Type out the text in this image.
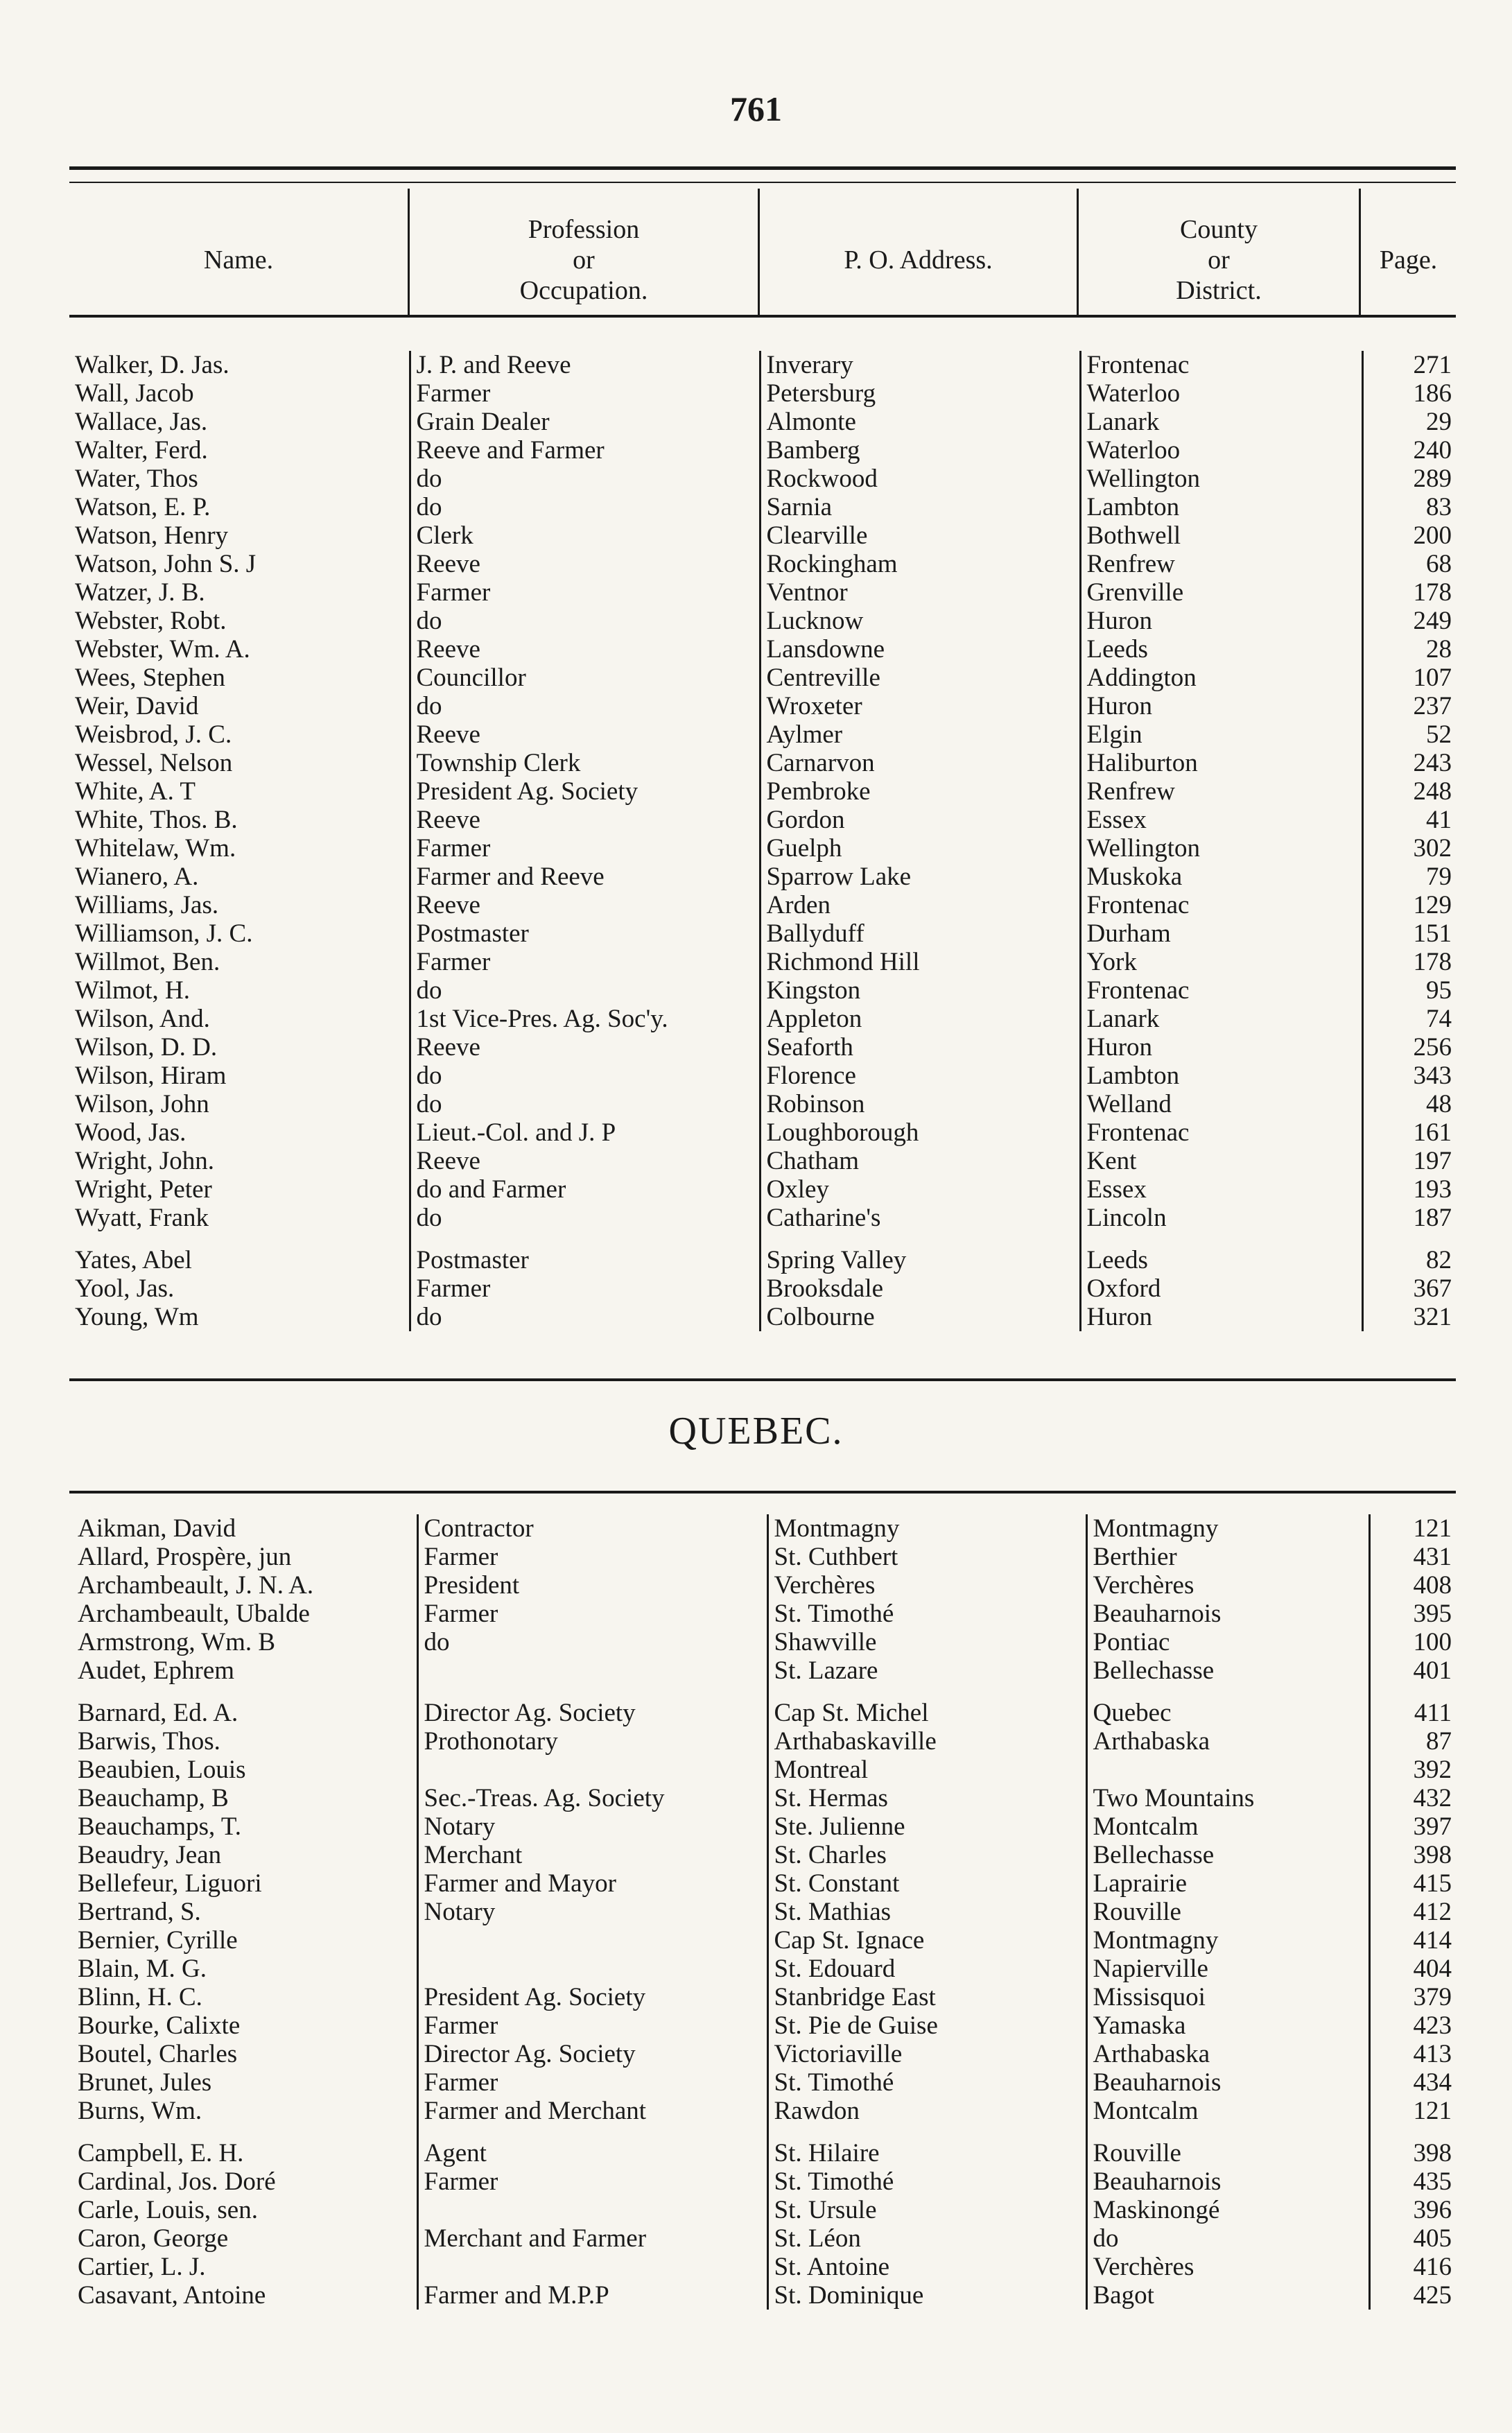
761
Name.
Profession
or
Occupation.
P. O. Address.
County
or
District.
Page.
Walker, D. Jas.	J. P. and Reeve	Inverary	Frontenac	271
Wall, Jacob	Farmer	Petersburg	Waterloo	186
Wallace, Jas.	Grain Dealer	Almonte	Lanark	29
Walter, Ferd.	Reeve and Farmer	Bamberg	Waterloo	240
Water, Thos	do	Rockwood	Wellington	289
Watson, E. P.	do	Sarnia	Lambton	83
Watson, Henry	Clerk	Clearville	Bothwell	200
Watson, John S. J	Reeve	Rockingham	Renfrew	68
Watzer, J. B.	Farmer	Ventnor	Grenville	178
Webster, Robt.	do	Lucknow	Huron	249
Webster, Wm. A.	Reeve	Lansdowne	Leeds	28
Wees, Stephen	Councillor	Centreville	Addington	107
Weir, David	do	Wroxeter	Huron	237
Weisbrod, J. C.	Reeve	Aylmer	Elgin	52
Wessel, Nelson	Township Clerk	Carnarvon	Haliburton	243
White, A. T	President Ag. Society	Pembroke	Renfrew	248
White, Thos. B.	Reeve	Gordon	Essex	41
Whitelaw, Wm.	Farmer	Guelph	Wellington	302
Wianero, A.	Farmer and Reeve	Sparrow Lake	Muskoka	79
Williams, Jas.	Reeve	Arden	Frontenac	129
Williamson, J. C.	Postmaster	Ballyduff	Durham	151
Willmot, Ben.	Farmer	Richmond Hill	York	178
Wilmot, H.	do	Kingston	Frontenac	95
Wilson, And.	1st Vice-Pres. Ag. Soc'y.	Appleton	Lanark	74
Wilson, D. D.	Reeve	Seaforth	Huron	256
Wilson, Hiram	do	Florence	Lambton	343
Wilson, John	do	Robinson	Welland	48
Wood, Jas.	Lieut.-Col. and J. P	Loughborough	Frontenac	161
Wright, John.	Reeve	Chatham	Kent	197
Wright, Peter	do and Farmer	Oxley	Essex	193
Wyatt, Frank	do	Catharine's	Lincoln	187

Yates, Abel	Postmaster	Spring Valley	Leeds	82
Yool, Jas.	Farmer	Brooksdale	Oxford	367
Young, Wm	do	Colbourne	Huron	321
QUEBEC.
Aikman, David	Contractor	Montmagny	Montmagny	121
Allard, Prospère, jun	Farmer	St. Cuthbert	Berthier	431
Archambeault, J. N. A.	President	Verchères	Verchères	408
Archambeault, Ubalde	Farmer	St. Timothé	Beauharnois	395
Armstrong, Wm. B	do	Shawville	Pontiac	100
Audet, Ephrem		St. Lazare	Bellechasse	401

Barnard, Ed. A.	Director Ag. Society	Cap St. Michel	Quebec	411
Barwis, Thos.	Prothonotary	Arthabaskaville	Arthabaska	87
Beaubien, Louis		Montreal		392
Beauchamp, B	Sec.-Treas. Ag. Society	St. Hermas	Two Mountains	432
Beauchamps, T.	Notary	Ste. Julienne	Montcalm	397
Beaudry, Jean	Merchant	St. Charles	Bellechasse	398
Bellefeur, Liguori	Farmer and Mayor	St. Constant	Laprairie	415
Bertrand, S.	Notary	St. Mathias	Rouville	412
Bernier, Cyrille		Cap St. Ignace	Montmagny	414
Blain, M. G.		St. Edouard	Napierville	404
Blinn, H. C.	President Ag. Society	Stanbridge East	Missisquoi	379
Bourke, Calixte	Farmer	St. Pie de Guise	Yamaska	423
Boutel, Charles	Director Ag. Society	Victoriaville	Arthabaska	413
Brunet, Jules	Farmer	St. Timothé	Beauharnois	434
Burns, Wm.	Farmer and Merchant	Rawdon	Montcalm	121

Campbell, E. H.	Agent	St. Hilaire	Rouville	398
Cardinal, Jos. Doré	Farmer	St. Timothé	Beauharnois	435
Carle, Louis, sen.		St. Ursule	Maskinongé	396
Caron, George	Merchant and Farmer	St. Léon	do	405
Cartier, L. J.		St. Antoine	Verchères	416
Casavant, Antoine	Farmer and M.P.P	St. Dominique	Bagot	425
